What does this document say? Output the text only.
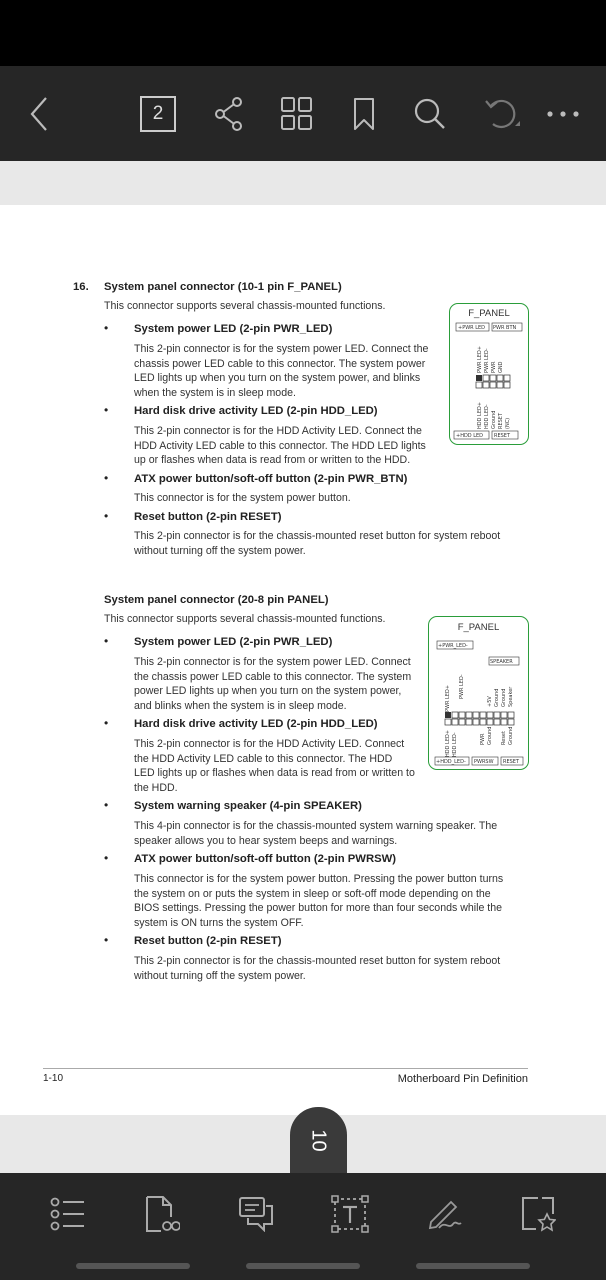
2
16. System panel connector (10-1 pin F_PANEL)
This connector supports several chassis-mounted functions.
• System power LED (2-pin PWR_LED)
This 2-pin connector is for the system power LED. Connect the
chassis power LED cable to this connector. The system power
LED lights up when you turn on the system power, and blinks
when the system is in sleep mode.
• Hard disk drive activity LED (2-pin HDD_LED)
This 2-pin connector is for the HDD Activity LED. Connect the
HDD Activity LED cable to this connector. The HDD LED lights
up or flashes when data is read from or written to the HDD.
• ATX power button/soft-off button (2-pin PWR_BTN)
This connector is for the system power button.
• Reset button (2-pin RESET)
This 2-pin connector is for the chassis-mounted reset button for system reboot
without turning off the system power.
F_PANEL
+PWR LED PWR BTN
PWR LED+ PWR LED- PWR GND
HDD LED+ HDD LED- Ground RESET (NC)
+HDD LED RESET
System panel connector (20-8 pin PANEL)
This connector supports several chassis-mounted functions.
• System power LED (2-pin PWR_LED)
This 2-pin connector is for the system power LED. Connect
the chassis power LED cable to this connector. The system
power LED lights up when you turn on the system power,
and blinks when the system is in sleep mode.
• Hard disk drive activity LED (2-pin HDD_LED)
This 2-pin connector is for the HDD Activity LED. Connect
the HDD Activity LED cable to this connector. The HDD
LED lights up or flashes when data is read from or written to
the HDD.
• System warning speaker (4-pin SPEAKER)
This 4-pin connector is for the chassis-mounted system warning speaker. The
speaker allows you to hear system beeps and warnings.
• ATX power button/soft-off button (2-pin PWRSW)
This connector is for the system power button. Pressing the power button turns
the system on or puts the system in sleep or soft-off mode depending on the
BIOS settings. Pressing the power button for more than four seconds while the
system is ON turns the system OFF.
• Reset button (2-pin RESET)
This 2-pin connector is for the chassis-mounted reset button for system reboot
without turning off the system power.
F_PANEL
+PWR_LED-
SPEAKER
PWR LED+ PWR LED-
+5V Ground Ground Speaker
HDD LED+ HDD LED-	PWR Ground Reset Ground
+HDD_LED- PWRSW RESET
1-10	Motherboard Pin Definition
10
